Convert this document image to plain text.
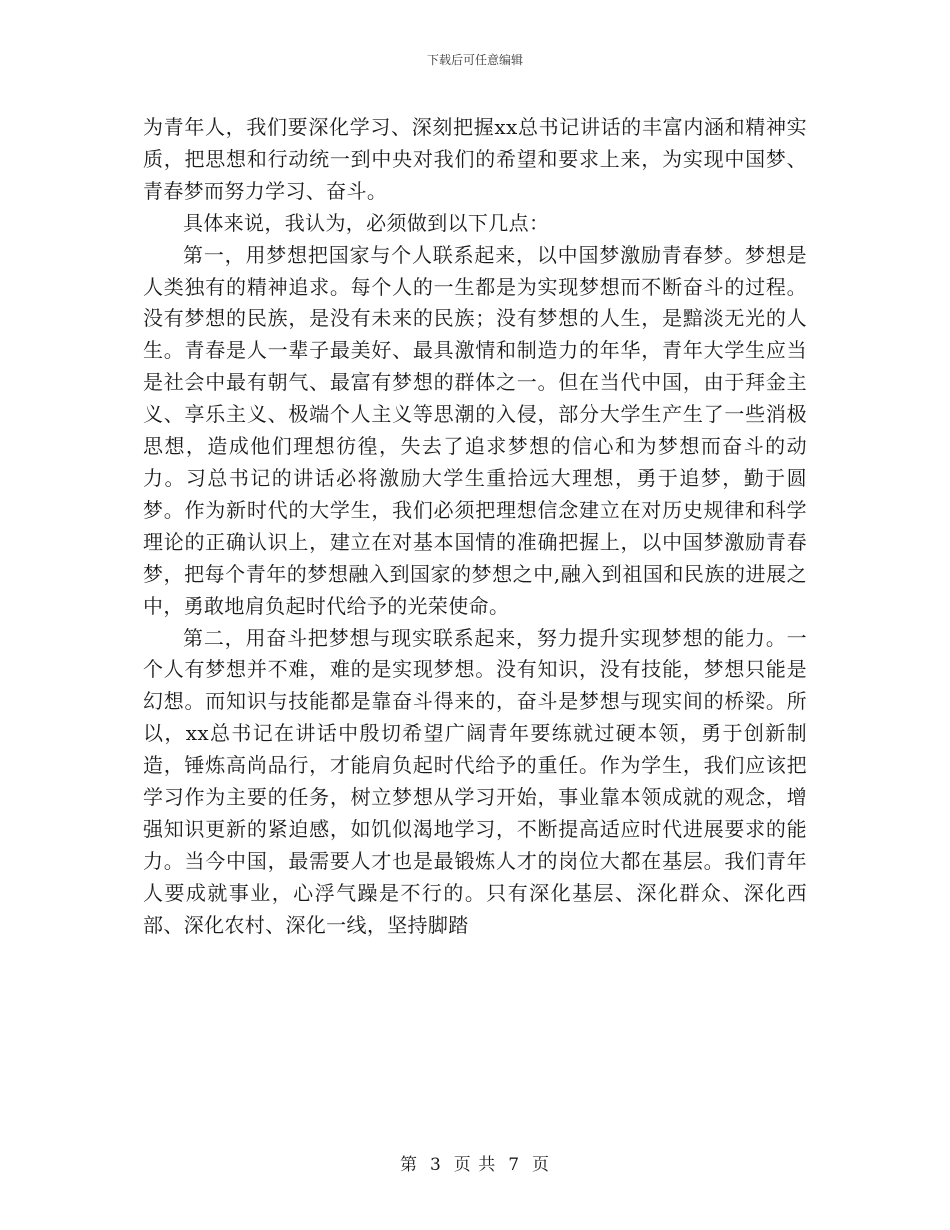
下载后可任意编辑

为青年人，我们要深化学习、深刻把握xx总书记讲话的丰富内涵和精神实质，把思想和行动统一到中央对我们的希望和要求上来，为实现中国梦、青春梦而努力学习、奋斗。

具体来说，我认为，必须做到以下几点：

第一，用梦想把国家与个人联系起来，以中国梦激励青春梦。梦想是人类独有的精神追求。每个人的一生都是为实现梦想而不断奋斗的过程。没有梦想的民族，是没有未来的民族；没有梦想的人生，是黯淡无光的人生。青春是人一辈子最美好、最具激情和制造力的年华，青年大学生应当是社会中最有朝气、最富有梦想的群体之一。但在当代中国，由于拜金主义、享乐主义、极端个人主义等思潮的入侵，部分大学生产生了一些消极思想，造成他们理想彷徨，失去了追求梦想的信心和为梦想而奋斗的动力。习总书记的讲话必将激励大学生重拾远大理想，勇于追梦，勤于圆梦。作为新时代的大学生，我们必须把理想信念建立在对历史规律和科学理论的正确认识上，建立在对基本国情的准确把握上，以中国梦激励青春梦，把每个青年的梦想融入到国家的梦想之中,融入到祖国和民族的进展之中，勇敢地肩负起时代给予的光荣使命。

第二，用奋斗把梦想与现实联系起来，努力提升实现梦想的能力。一个人有梦想并不难，难的是实现梦想。没有知识，没有技能，梦想只能是幻想。而知识与技能都是靠奋斗得来的，奋斗是梦想与现实间的桥梁。所以，xx总书记在讲话中殷切希望广阔青年要练就过硬本领，勇于创新制造，锤炼高尚品行，才能肩负起时代给予的重任。作为学生，我们应该把学习作为主要的任务，树立梦想从学习开始，事业靠本领成就的观念，增强知识更新的紧迫感，如饥似渴地学习，不断提高适应时代进展要求的能力。当今中国，最需要人才也是最锻炼人才的岗位大都在基层。我们青年人要成就事业，心浮气躁是不行的。只有深化基层、深化群众、深化西部、深化农村、深化一线，坚持脚踏

第 3 页 共 7 页
